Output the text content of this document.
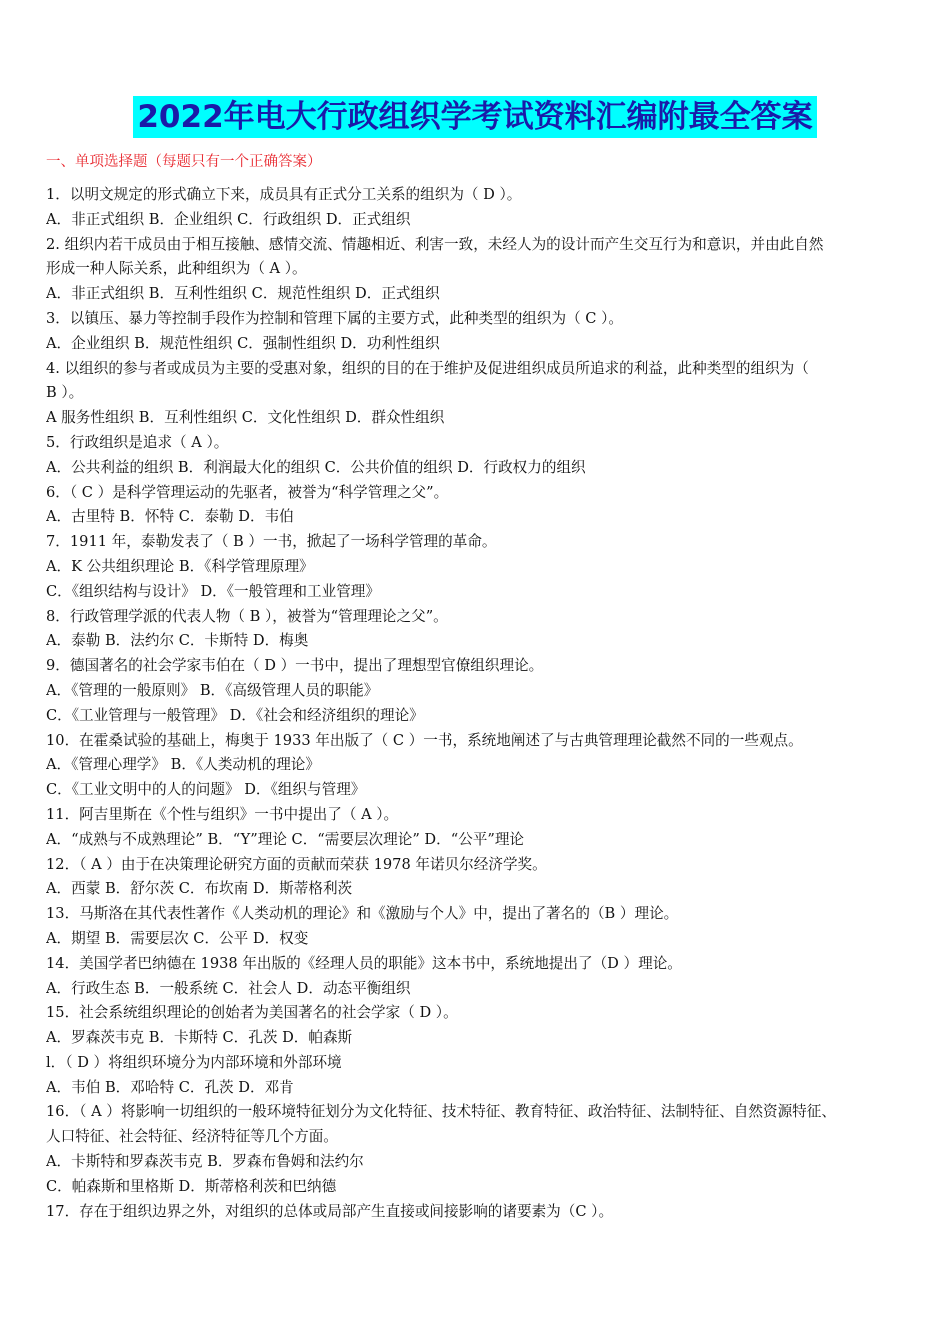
2022年电大行政组织学考试资料汇编附最全答案
一、单项选择题（每题只有一个正确答案）
1．以明文规定的形式确立下来，成员具有正式分工关系的组织为（ D ）。
A．非正式组织 B．企业组织 C．行政组织 D．正式组织
2. 组织内若干成员由于相互接触、感情交流、情趣相近、利害一致，未经人为的设计而产生交互行为和意识，并由此自然
形成一种人际关系，此种组织为（ A ）。
A．非正式组织 B．互利性组织 C．规范性组织 D．正式组织
3．以镇压、暴力等控制手段作为控制和管理下属的主要方式，此种类型的组织为（ C ）。
A．企业组织 B．规范性组织 C．强制性组织 D．功利性组织
4. 以组织的参与者或成员为主要的受惠对象，组织的目的在于维护及促进组织成员所追求的利益，此种类型的组织为（
B ）。
A 服务性组织 B．互利性组织 C．文化性组织 D．群众性组织
5．行政组织是追求（ A ）。
A．公共利益的组织 B．利润最大化的组织 C．公共价值的组织 D．行政权力的组织
6．（ C ）是科学管理运动的先驱者，被誉为“科学管理之父”。
A．古里特 B．怀特 C．泰勒 D．韦伯
7．1911 年，泰勒发表了（ B ）一书，掀起了一场科学管理的革命。
A．K 公共组织理论 B．《科学管理原理》
C．《组织结构与设计》 D．《一般管理和工业管理》
8．行政管理学派的代表人物（ B ），被誉为“管理理论之父”。
A．泰勒 B．法约尔 C．卡斯特 D．梅奥
9．德国著名的社会学家韦伯在（ D ）一书中，提出了理想型官僚组织理论。
A．《管理的一般原则》 B．《高级管理人员的职能》
C．《工业管理与一般管理》 D．《社会和经济组织的理论》
10．在霍桑试验的基础上，梅奥于 1933 年出版了（ C ）一书，系统地阐述了与古典管理理论截然不同的一些观点。
A．《管理心理学》 B．《人类动机的理论》
C．《工业文明中的人的问题》 D．《组织与管理》
11．阿吉里斯在《个性与组织》一书中提出了（ A ）。
A．“成熟与不成熟理论” B．“Y”理论 C．“需要层次理论” D．“公平”理论
12．（ A ）由于在决策理论研究方面的贡献而荣获 1978 年诺贝尔经济学奖。
A．西蒙 B．舒尔茨 C．布坎南 D．斯蒂格利茨
13．马斯洛在其代表性著作《人类动机的理论》和《激励与个人》中，提出了著名的（B ）理论。
A．期望 B．需要层次 C．公平 D．权变
14．美国学者巴纳德在 1938 年出版的《经理人员的职能》这本书中，系统地提出了（D ）理论。
A．行政生态 B．一般系统 C．社会人 D．动态平衡组织
15．社会系统组织理论的创始者为美国著名的社会学家（ D ）。
A．罗森茨韦克 B．卡斯特 C．孔茨 D．帕森斯
l．（ D ）将组织环境分为内部环境和外部环境
A．韦伯 B．邓哈特 C．孔茨 D．邓肯
16．（ A ）将影响一切组织的一般环境特征划分为文化特征、技术特征、教育特征、政治特征、法制特征、自然资源特征、
人口特征、社会特征、经济特征等几个方面。
A．卡斯特和罗森茨韦克 B．罗森布鲁姆和法约尔
C．帕森斯和里格斯 D．斯蒂格利茨和巴纳德
17．存在于组织边界之外，对组织的总体或局部产生直接或间接影响的诸要素为（C ）。
